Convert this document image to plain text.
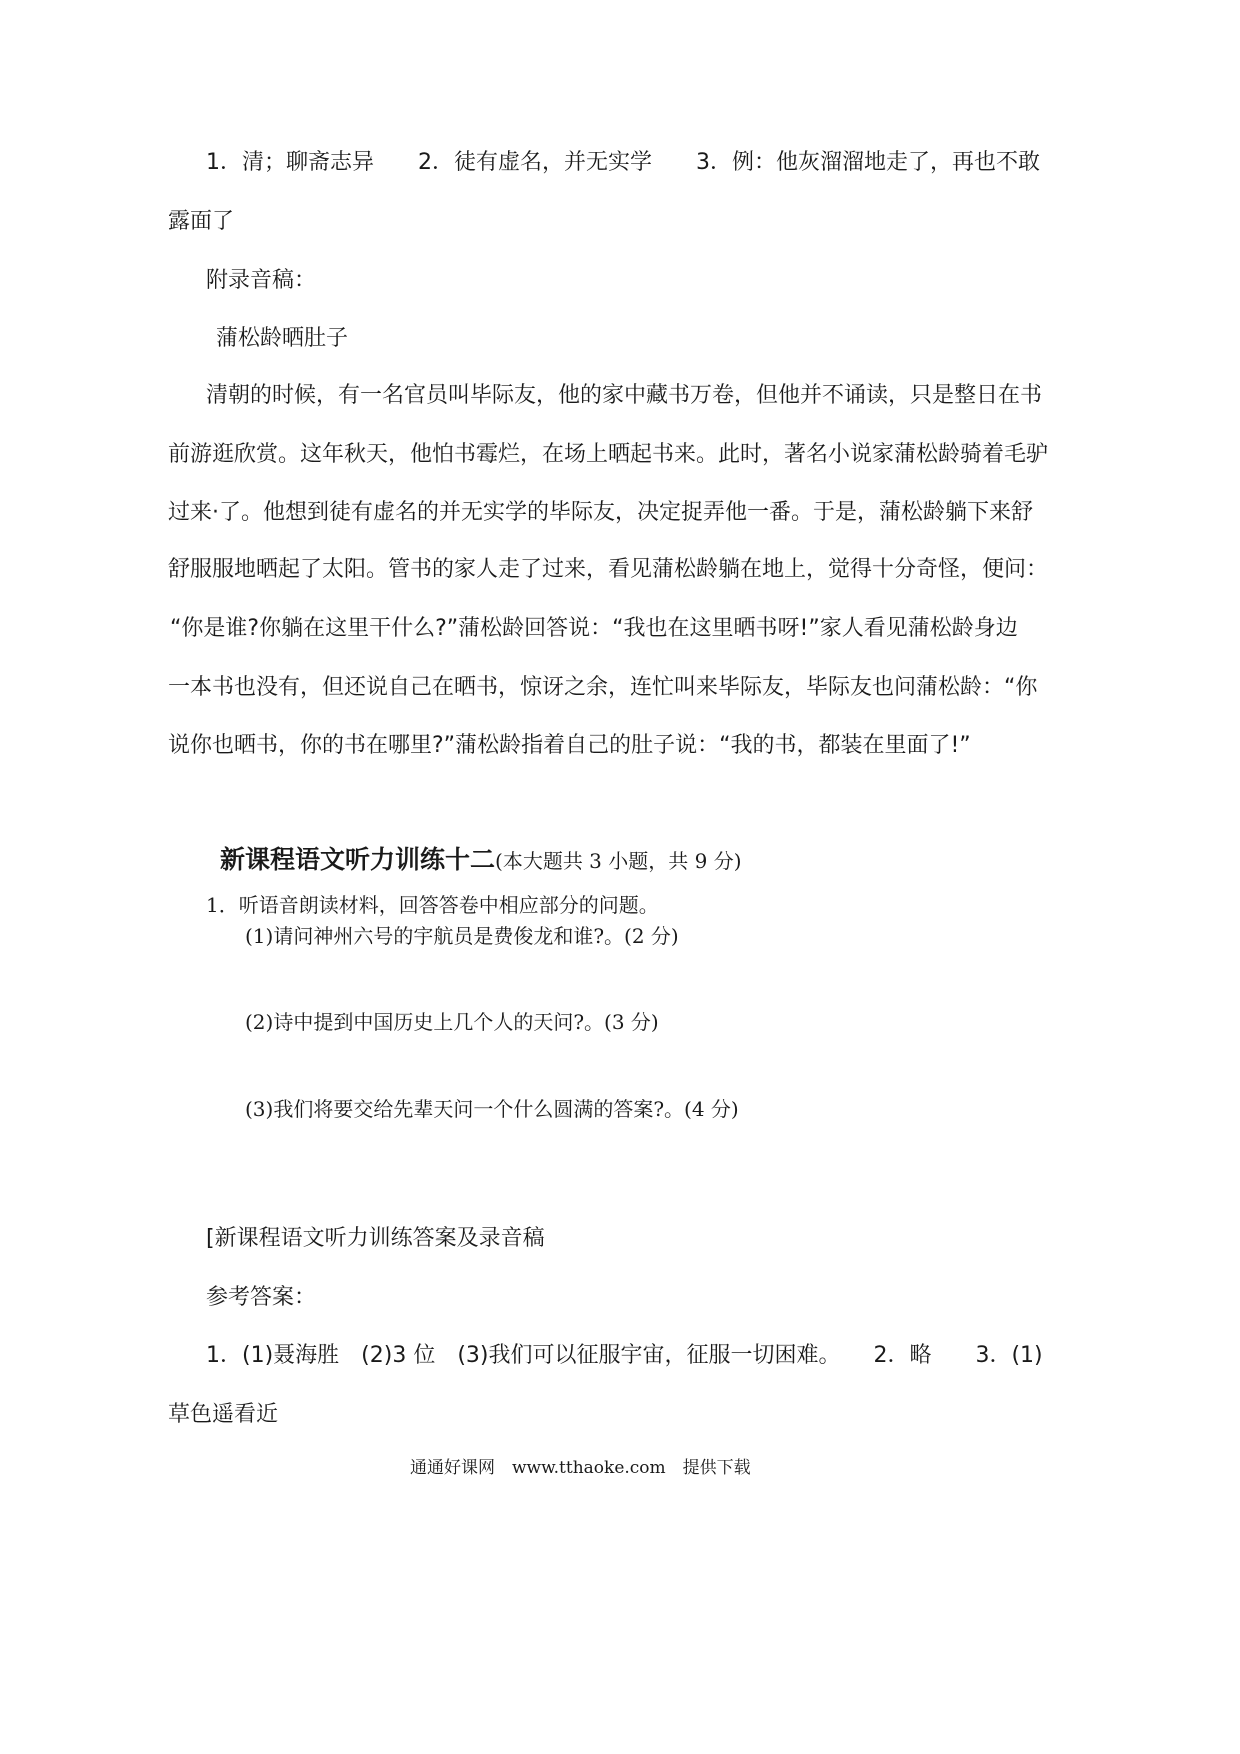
1．清；聊斋志异　　2．徒有虚名，并无实学　　3．例：他灰溜溜地走了，再也不敢

露面了

附录音稿：

蒲松龄晒肚子

清朝的时候，有一名官员叫毕际友，他的家中藏书万卷，但他并不诵读，只是整日在书

前游逛欣赏。这年秋天，他怕书霉烂，在场上晒起书来。此时，著名小说家蒲松龄骑着毛驴

过来·了。他想到徒有虚名的并无实学的毕际友，决定捉弄他一番。于是，蒲松龄躺下来舒

舒服服地晒起了太阳。管书的家人走了过来，看见蒲松龄躺在地上，觉得十分奇怪，便问：

“你是谁?你躺在这里干什么?”蒲松龄回答说：“我也在这里晒书呀!”家人看见蒲松龄身边

一本书也没有，但还说自己在晒书，惊讶之余，连忙叫来毕际友，毕际友也问蒲松龄：“你

说你也晒书，你的书在哪里?”蒲松龄指着自己的肚子说：“我的书，都装在里面了!”

新课程语文听力训练十二(本大题共 3 小题，共 9 分)

1．听语音朗读材料，回答答卷中相应部分的问题。

(1)请问神州六号的宇航员是费俊龙和谁?。(2 分)

(2)诗中提到中国历史上几个人的天问?。(3 分)

(3)我们将要交给先辈天问一个什么圆满的答案?。(4 分)

[新课程语文听力训练答案及录音稿

参考答案：

1．(1)聂海胜　(2)3 位　(3)我们可以征服宇宙，征服一切困难。　　2．略　　3．(1)

草色遥看近

通通好课网　www.tthaoke.com　提供下载
